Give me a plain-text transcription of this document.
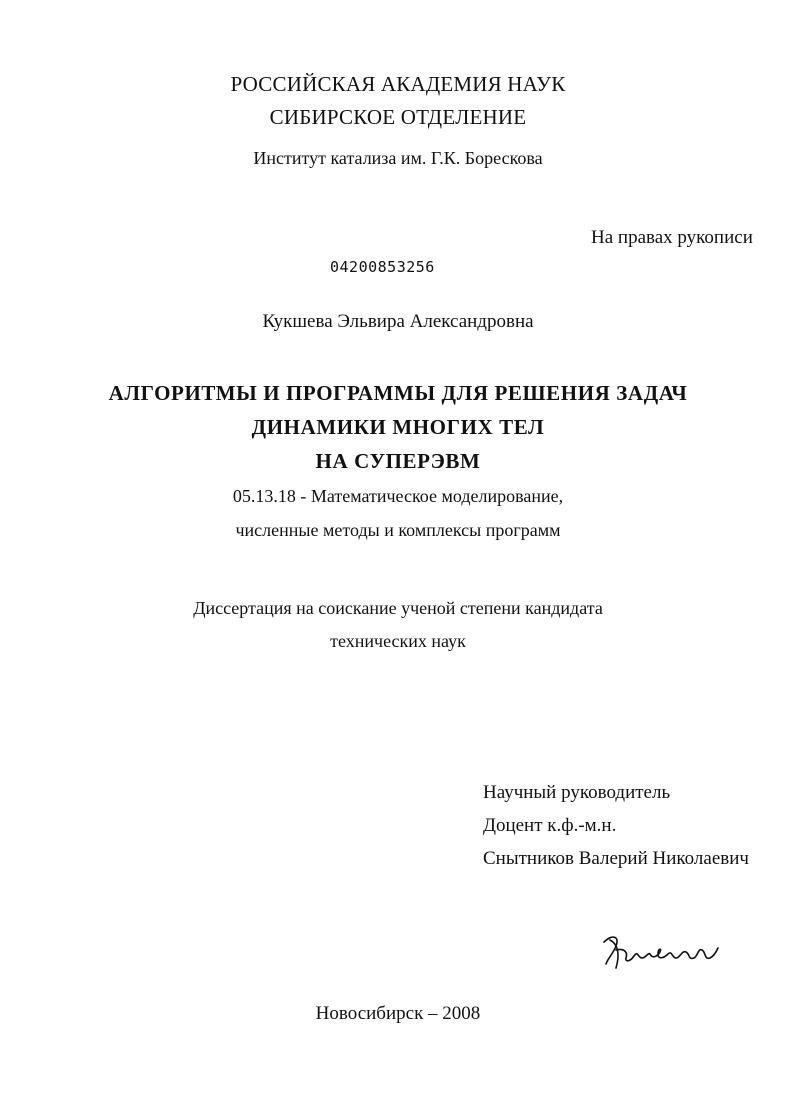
РОССИЙСКАЯ АКАДЕМИЯ НАУК
СИБИРСКОЕ ОТДЕЛЕНИЕ
Институт катализа им. Г.К. Борескова
На правах рукописи
04200853256
Кукшева Эльвира Александровна
АЛГОРИТМЫ И ПРОГРАММЫ ДЛЯ РЕШЕНИЯ ЗАДАЧ
ДИНАМИКИ МНОГИХ ТЕЛ
НА СУПЕРЭВМ
05.13.18 - Математическое моделирование,
численные методы и комплексы программ
Диссертация на соискание ученой степени кандидата
технических наук
Научный руководитель
Доцент к.ф.-м.н.
Снытников Валерий Николаевич
Новосибирск – 2008
